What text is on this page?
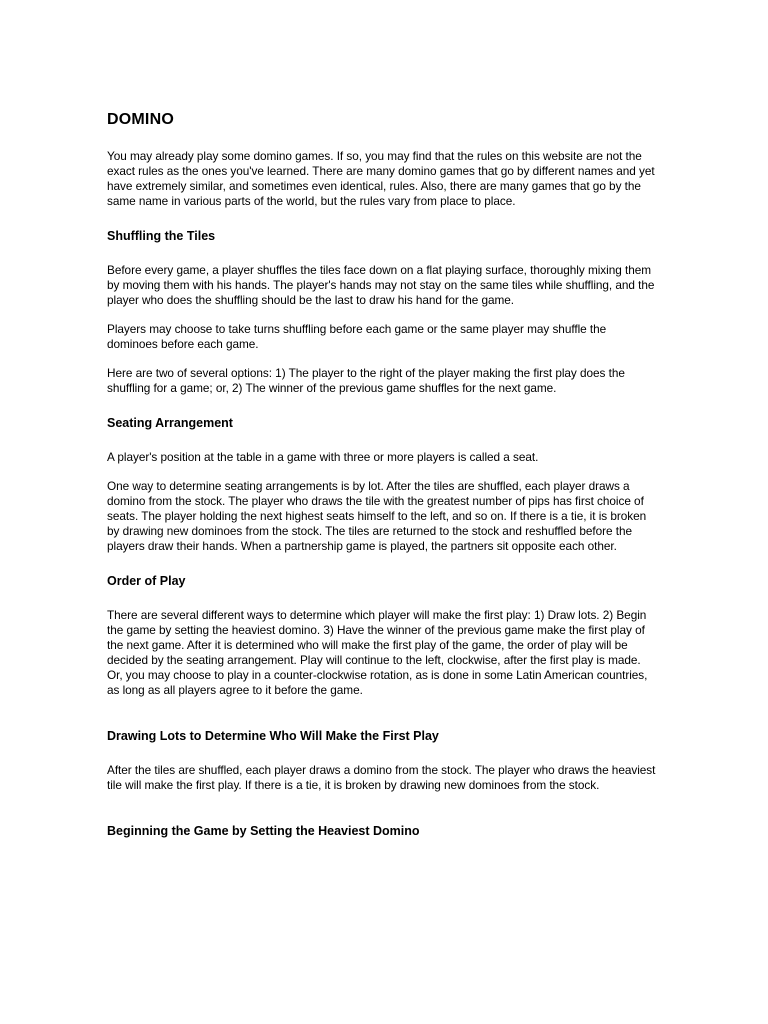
DOMINO

You may already play some domino games. If so, you may find that the rules on this website are not the exact rules as the ones you've learned. There are many domino games that go by different names and yet have extremely similar, and sometimes even identical, rules. Also, there are many games that go by the same name in various parts of the world, but the rules vary from place to place.

Shuffling the Tiles

Before every game, a player shuffles the tiles face down on a flat playing surface, thoroughly mixing them by moving them with his hands. The player's hands may not stay on the same tiles while shuffling, and the player who does the shuffling should be the last to draw his hand for the game.

Players may choose to take turns shuffling before each game or the same player may shuffle the dominoes before each game.

Here are two of several options: 1) The player to the right of the player making the first play does the shuffling for a game; or, 2) The winner of the previous game shuffles for the next game.

Seating Arrangement

A player's position at the table in a game with three or more players is called a seat.

One way to determine seating arrangements is by lot. After the tiles are shuffled, each player draws a domino from the stock. The player who draws the tile with the greatest number of pips has first choice of seats. The player holding the next highest seats himself to the left, and so on. If there is a tie, it is broken by drawing new dominoes from the stock. The tiles are returned to the stock and reshuffled before the players draw their hands. When a partnership game is played, the partners sit opposite each other.

Order of Play

There are several different ways to determine which player will make the first play: 1) Draw lots. 2) Begin the game by setting the heaviest domino. 3) Have the winner of the previous game make the first play of the next game. After it is determined who will make the first play of the game, the order of play will be decided by the seating arrangement. Play will continue to the left, clockwise, after the first play is made. Or, you may choose to play in a counter-clockwise rotation, as is done in some Latin American countries, as long as all players agree to it before the game.

Drawing Lots to Determine Who Will Make the First Play

After the tiles are shuffled, each player draws a domino from the stock. The player who draws the heaviest tile will make the first play. If there is a tie, it is broken by drawing new dominoes from the stock.

Beginning the Game by Setting the Heaviest Domino
